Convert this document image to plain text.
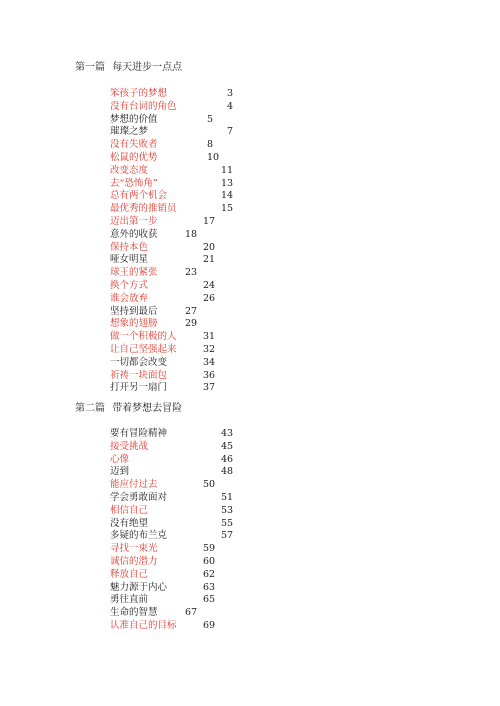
第一篇 每天进步一点点
第二篇 带着梦想去冒险
笨孩子的梦想	3
没有台词的角色	4
梦想的价值	5
璀璨之梦	7
没有失败者	8
松鼠的优势	10
改变态度	11
去“恐怖角”	13
总有两个机会	14
最优秀的推销员	15
迈出第一步	17
意外的收获	18
保持本色	20
哑女明星	21
球王的紧张	23
换个方式	24
谁会放弃	26
坚持到最后	27
想象的翅膀	29
做一个积极的人	31
让自己坚强起来	32
一切都会改变	34
祈祷一块面包	36
打开另一扇门	37
要有冒险精神	43
接受挑战	45
心像	46
迈到	48
能应付过去	50
学会勇敢面对	51
相信自己	53
没有绝望	55
多疑的布兰克	57
寻找一束光	59
诚信的潜力	60
释放自己	62
魅力源于内心	63
勇往直前	65
生命的智慧	67
认准自己的目标	69
